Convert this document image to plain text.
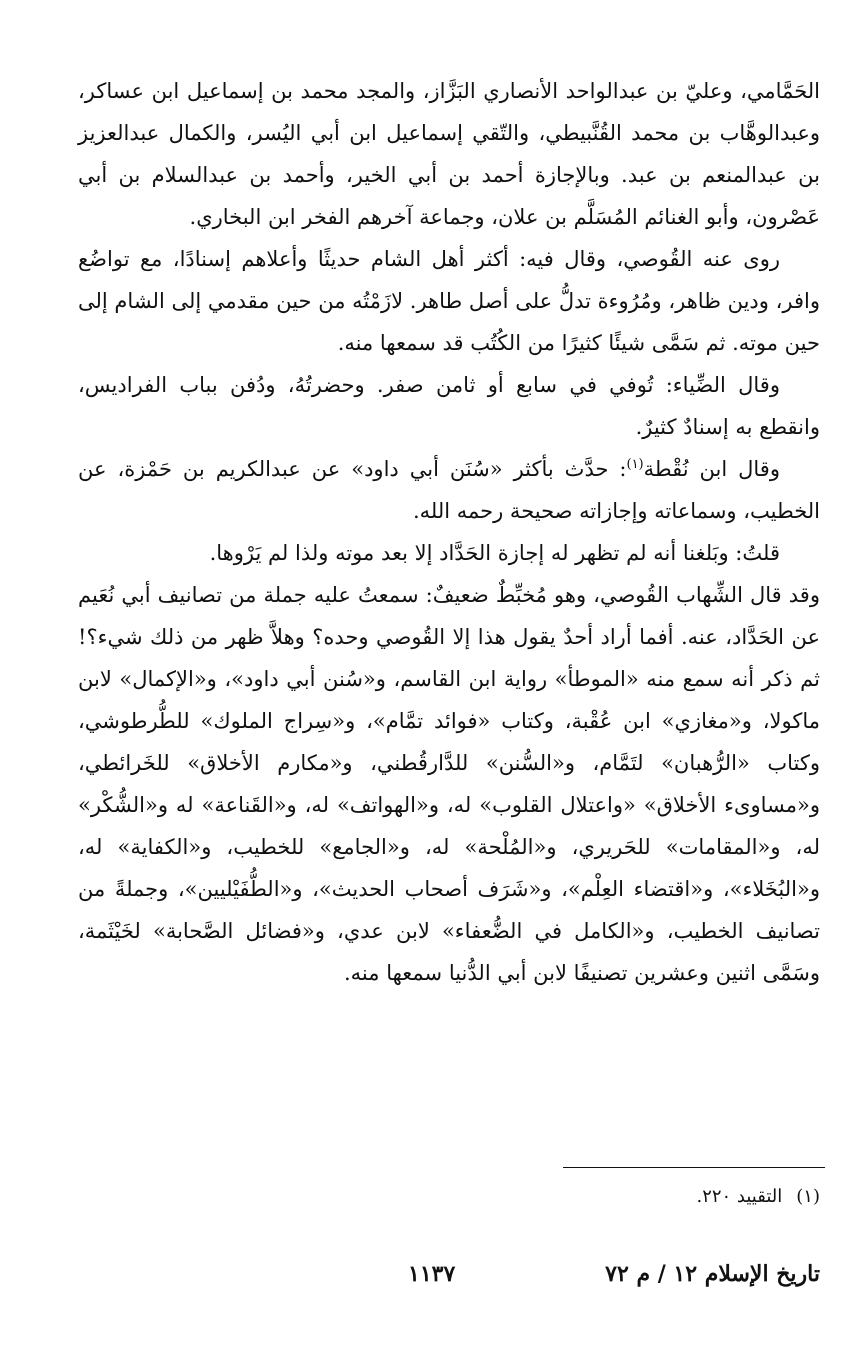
الحَمَّامي، وعليّ بن عبدالواحد الأنصاري البَزَّاز، والمجد محمد بن إسماعيل ابن عساكر، وعبدالوهَّاب بن محمد القُنَّبيطي، والتّقي إسماعيل ابن أبي اليُسر، والكمال عبدالعزيز بن عبدالمنعم بن عبد. وبالإجازة أحمد بن أبي الخير، وأحمد بن عبدالسلام بن أبي عَصْرون، وأبو الغنائم المُسَلَّم بن علان، وجماعة آخرهم الفخر ابن البخاري.

روى عنه القُوصي، وقال فيه: أكثر أهل الشام حديثًا وأعلاهم إسنادًا، مع تواضُع وافر، ودين ظاهر، ومُرُوءة تدلُّ على أصل طاهر. لازَمْتُه من حين مقدمي إلى الشام إلى حين موته. ثم سَمَّى شيئًا كثيرًا من الكُتُب قد سمعها منه.

وقال الضِّياء: تُوفي في سابع أو ثامن صفر. وحضرتُهُ، ودُفن بباب الفراديس، وانقطع به إسنادٌ كثيرٌ.

وقال ابن نُقْطة$^{(١)}$: حدَّث بأكثر «سُنَن أبي داود» عن عبدالكريم بن حَمْزة، عن الخطيب، وسماعاته وإجازاته صحيحة رحمه الله.

قلتُ: وبَلغنا أنه لم تظهر له إجازة الحَدَّاد إلا بعد موته ولذا لم يَرْوها.

وقد قال الشِّهاب القُوصي، وهو مُخبِّطٌ ضعيفٌ: سمعتُ عليه جملة من تصانيف أبي نُعَيم عن الحَدَّاد، عنه. أفما أراد أحدٌ يقول هذا إلا القُوصي وحده؟ وهلاَّ ظهر من ذلك شيء؟! ثم ذكر أنه سمع منه «الموطأ» رواية ابن القاسم، و«سُنن أبي داود»، و«الإكمال» لابن ماكولا، و«مغازي» ابن عُقْبة، وكتاب «فوائد تمَّام»، و«سِراج الملوك» للطُّرطوشي، وكتاب «الرُّهبان» لتَمَّام، و«السُّنن» للدَّارقُطني، و«مكارم الأخلاق» للخَرائطي، و«مساوىء الأخلاق» «واعتلال القلوب» له، و«الهواتف» له، و«القَناعة» له و«الشُّكْر» له، و«المقامات» للحَريري، و«المُلْحة» له، و«الجامع» للخطيب، و«الكفاية» له، و«البُخَلاء»، و«اقتضاء العِلْم»، و«شَرَف أصحاب الحديث»، و«الطُّفَيْليين»، وجملةً من تصانيف الخطيب، و«الكامل في الضُّعفاء» لابن عدي، و«فضائل الصَّحابة» لخَيْثَمة، وسَمَّى اثنين وعشرين تصنيفًا لابن أبي الدُّنيا سمعها منه.

(١)التقييد ٢٢٠.
تاريخ الإسلام ١٢ / م ٧٢
١١٣٧
